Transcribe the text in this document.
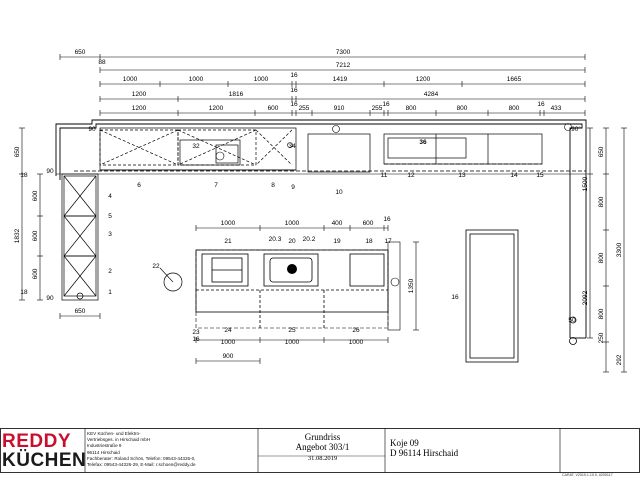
650	7300
88	7212
1000	1000	1000
16
1419	1200	1665
1200	1816
16
4284
1200	1200	600
16
255	910	255
16
800	800	800
16
433
650
1832
600
600
600
650
90
18
90
18
90	90°
1000	1000	400	600
16
1000	1000	1000
900
23
16
1350
650
800
3300
800
2092
800
1500
250
292
6	7	8	9
10
11	12	13	14	15
1
2
3
4
5
21	20.3 20 20.2	19	18 17
24	25	26
22
16
36
34
32
50
REDDY
KÜCHEN
KEV Küchen- und Elektro-
Vertriebsges. in Hirschaid mbH
Industriestraße 9
96114 Hirschaid
Fachberater: Roland Schön, Telefon: 09543-44326-0,
Telefax: 09543-44326-29, E-Mail: r.schoen@reddy.de
Grundriss
Angebot 303/1
31.08.2019
Koje 09
D 96114 Hirschaid
CARAT, V2019.1.10.0, #200117
